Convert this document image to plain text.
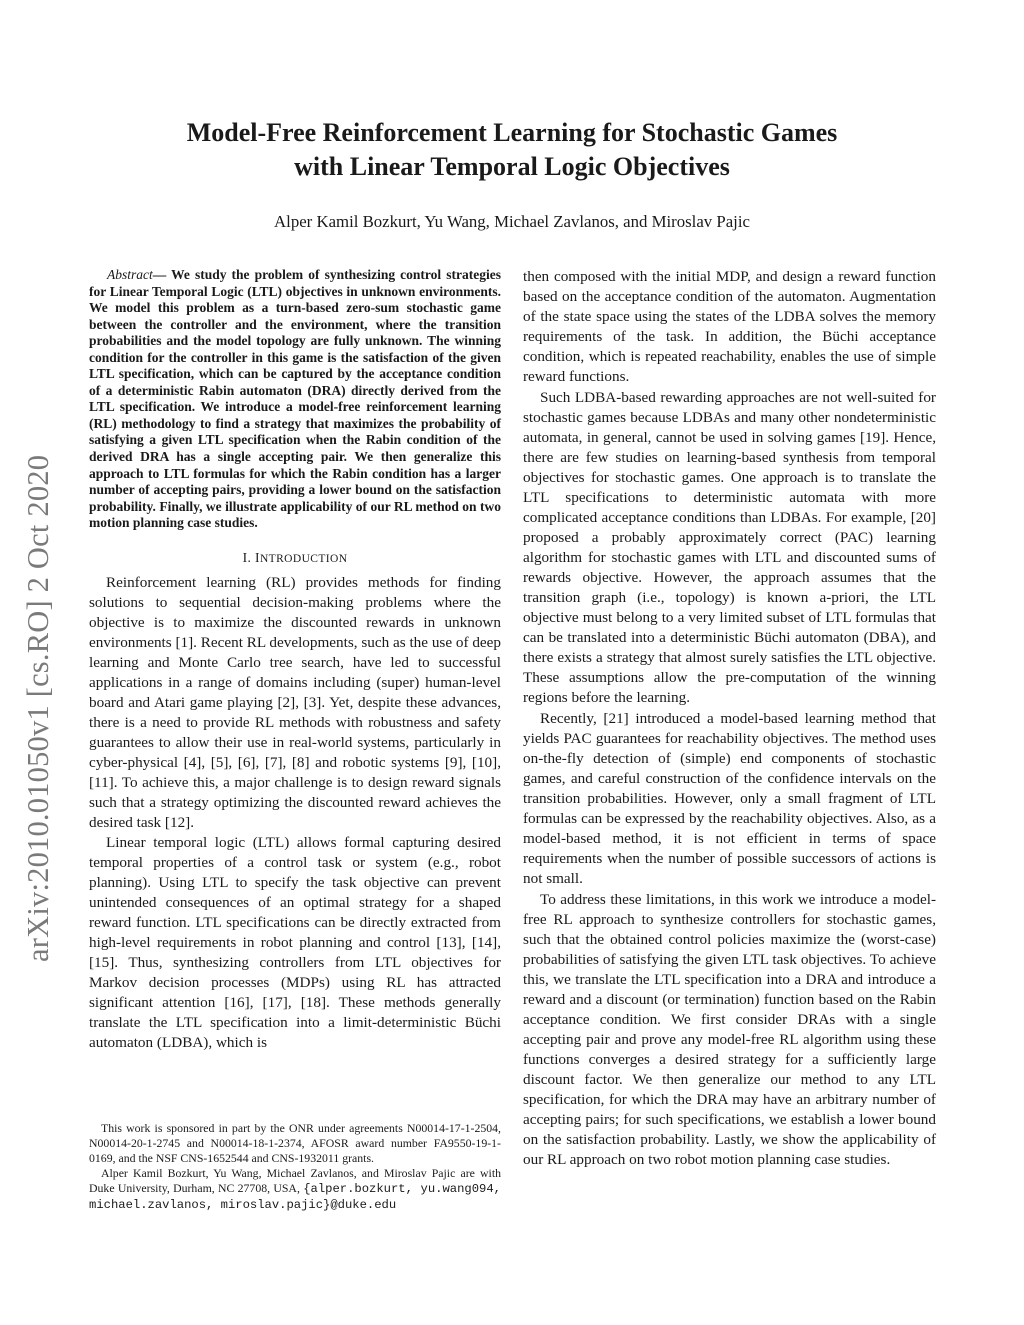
arXiv:2010.01050v1 [cs.RO] 2 Oct 2020
Model-Free Reinforcement Learning for Stochastic Games
with Linear Temporal Logic Objectives
Alper Kamil Bozkurt, Yu Wang, Michael Zavlanos, and Miroslav Pajic

Abstract— We study the problem of synthesizing control strategies for Linear Temporal Logic (LTL) objectives in unknown environments. We model this problem as a turn-based zero-sum stochastic game between the controller and the environment, where the transition probabilities and the model topology are fully unknown. The winning condition for the controller in this game is the satisfaction of the given LTL specification, which can be captured by the acceptance condition of a deterministic Rabin automaton (DRA) directly derived from the LTL specification. We introduce a model-free reinforcement learning (RL) methodology to find a strategy that maximizes the probability of satisfying a given LTL specification when the Rabin condition of the derived DRA has a single accepting pair. We then generalize this approach to LTL formulas for which the Rabin condition has a larger number of accepting pairs, providing a lower bound on the satisfaction probability. Finally, we illustrate applicability of our RL method on two motion planning case studies.

I. INTRODUCTION

Reinforcement learning (RL) provides methods for finding solutions to sequential decision-making problems where the objective is to maximize the discounted rewards in unknown environments [1]. Recent RL developments, such as the use of deep learning and Monte Carlo tree search, have led to successful applications in a range of domains including (super) human-level board and Atari game playing [2], [3]. Yet, despite these advances, there is a need to provide RL methods with robustness and safety guarantees to allow their use in real-world systems, particularly in cyber-physical [4], [5], [6], [7], [8] and robotic systems [9], [10], [11]. To achieve this, a major challenge is to design reward signals such that a strategy optimizing the discounted reward achieves the desired task [12].

Linear temporal logic (LTL) allows formal capturing desired temporal properties of a control task or system (e.g., robot planning). Using LTL to specify the task objective can prevent unintended consequences of an optimal strategy for a shaped reward function. LTL specifications can be directly extracted from high-level requirements in robot planning and control [13], [14], [15]. Thus, synthesizing controllers from LTL objectives for Markov decision processes (MDPs) using RL has attracted significant attention [16], [17], [18]. These methods generally translate the LTL specification into a limit-deterministic Büchi automaton (LDBA), which is

This work is sponsored in part by the ONR under agreements N00014-17-1-2504, N00014-20-1-2745 and N00014-18-1-2374, AFOSR award number FA9550-19-1-0169, and the NSF CNS-1652544 and CNS-1932011 grants.

Alper Kamil Bozkurt, Yu Wang, Michael Zavlanos, and Miroslav Pajic are with Duke University, Durham, NC 27708, USA, {alper.bozkurt, yu.wang094, michael.zavlanos, miroslav.pajic}@duke.edu

then composed with the initial MDP, and design a reward function based on the acceptance condition of the automaton. Augmentation of the state space using the states of the LDBA solves the memory requirements of the task. In addition, the Büchi acceptance condition, which is repeated reachability, enables the use of simple reward functions.

Such LDBA-based rewarding approaches are not well-suited for stochastic games because LDBAs and many other nondeterministic automata, in general, cannot be used in solving games [19]. Hence, there are few studies on learning-based synthesis from temporal objectives for stochastic games. One approach is to translate the LTL specifications to deterministic automata with more complicated acceptance conditions than LDBAs. For example, [20] proposed a probably approximately correct (PAC) learning algorithm for stochastic games with LTL and discounted sums of rewards objective. However, the approach assumes that the transition graph (i.e., topology) is known a-priori, the LTL objective must belong to a very limited subset of LTL formulas that can be translated into a deterministic Büchi automaton (DBA), and there exists a strategy that almost surely satisfies the LTL objective. These assumptions allow the pre-computation of the winning regions before the learning.

Recently, [21] introduced a model-based learning method that yields PAC guarantees for reachability objectives. The method uses on-the-fly detection of (simple) end components of stochastic games, and careful construction of the confidence intervals on the transition probabilities. However, only a small fragment of LTL formulas can be expressed by the reachability objectives. Also, as a model-based method, it is not efficient in terms of space requirements when the number of possible successors of actions is not small.

To address these limitations, in this work we introduce a model-free RL approach to synthesize controllers for stochastic games, such that the obtained control policies maximize the (worst-case) probabilities of satisfying the given LTL task objectives. To achieve this, we translate the LTL specification into a DRA and introduce a reward and a discount (or termination) function based on the Rabin acceptance condition. We first consider DRAs with a single accepting pair and prove any model-free RL algorithm using these functions converges a desired strategy for a sufficiently large discount factor. We then generalize our method to any LTL specification, for which the DRA may have an arbitrary number of accepting pairs; for such specifications, we establish a lower bound on the satisfaction probability. Lastly, we show the applicability of our RL approach on two robot motion planning case studies.
